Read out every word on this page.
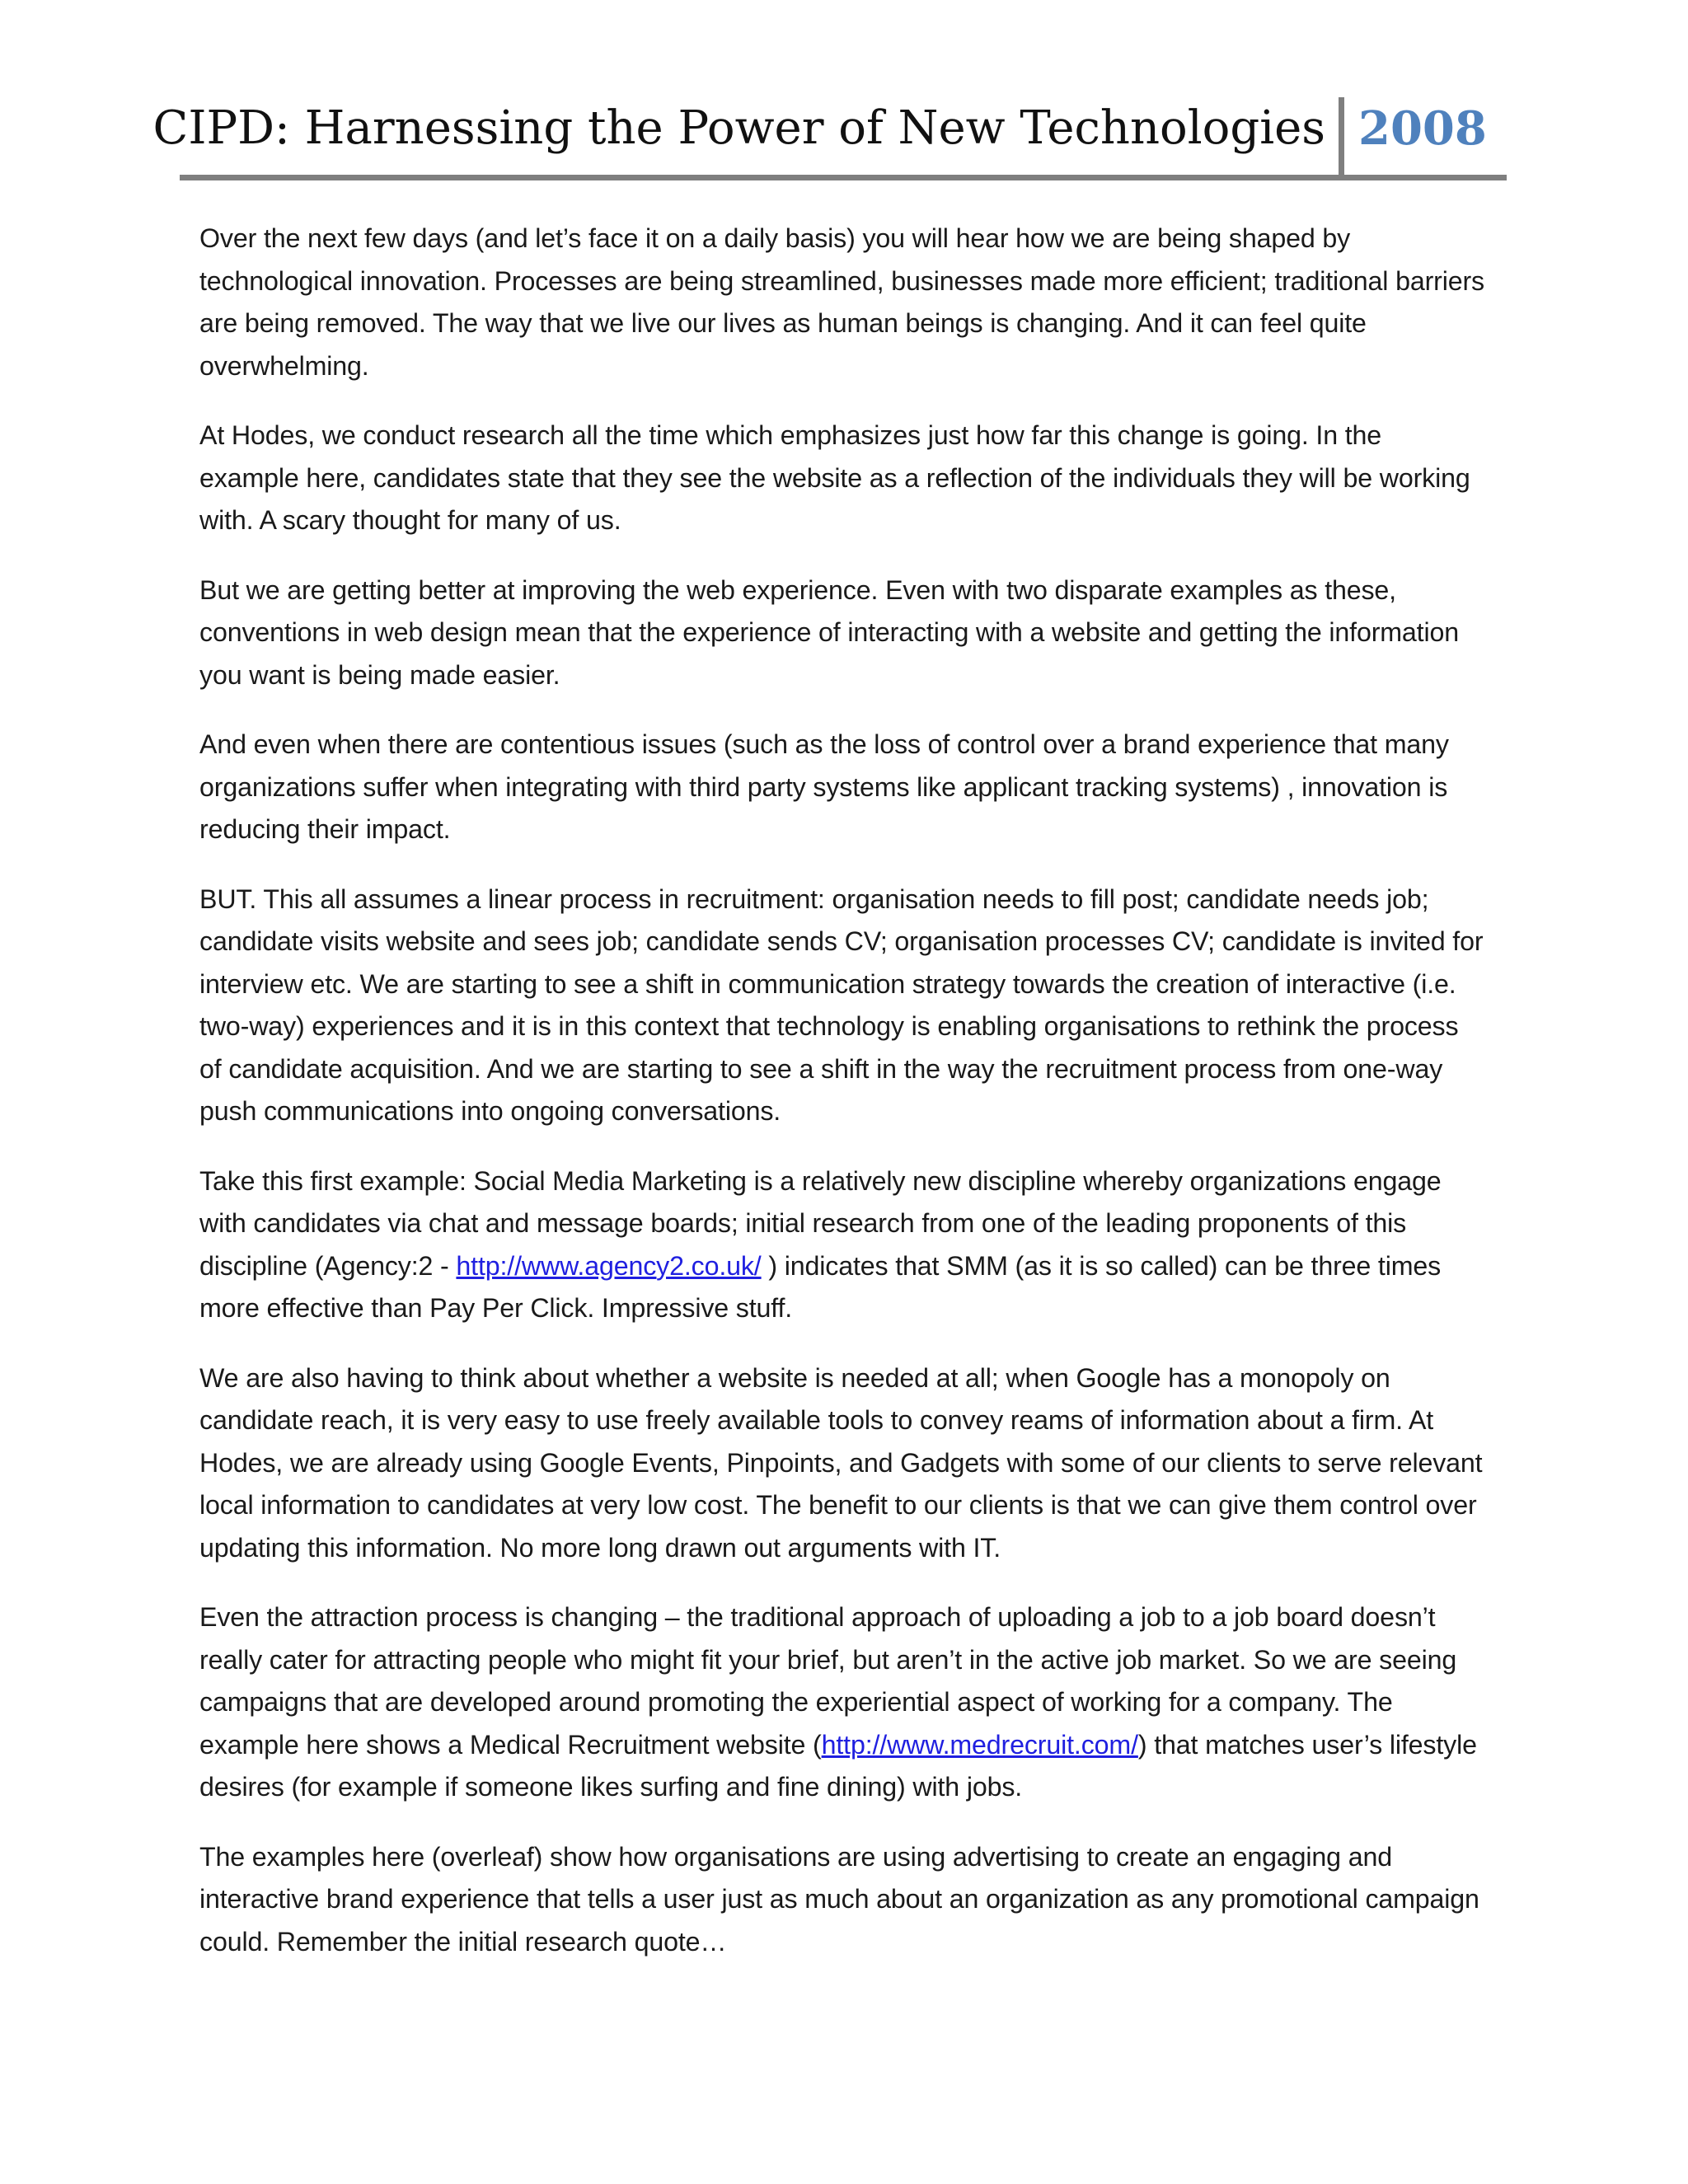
CIPD: Harnessing the Power of New Technologies 2008

Over the next few days (and let’s face it on a daily basis) you will hear how we are being shaped by technological innovation. Processes are being streamlined, businesses made more efficient; traditional barriers are being removed. The way that we live our lives as human beings is changing. And it can feel quite overwhelming.

At Hodes, we conduct research all the time which emphasizes just how far this change is going. In the example here, candidates state that they see the website as a reflection of the individuals they will be working with. A scary thought for many of us.

But we are getting better at improving the web experience. Even with two disparate examples as these, conventions in web design mean that the experience of interacting with a website and getting the information you want is being made easier.

And even when there are contentious issues (such as the loss of control over a brand experience that many organizations suffer when integrating with third party systems like applicant tracking systems) , innovation is reducing their impact.

BUT. This all assumes a linear process in recruitment: organisation needs to fill post; candidate needs job; candidate visits website and sees job; candidate sends CV; organisation processes CV; candidate is invited for interview etc. We are starting to see a shift in communication strategy towards the creation of interactive (i.e. two-way) experiences and it is in this context that technology is enabling organisations to rethink the process of candidate acquisition. And we are starting to see a shift in the way the recruitment process from one-way push communications into ongoing conversations.

Take this first example: Social Media Marketing is a relatively new discipline whereby organizations engage with candidates via chat and message boards; initial research from one of the leading proponents of this discipline (Agency:2 - http://www.agency2.co.uk/ ) indicates that SMM (as it is so called) can be three times more effective than Pay Per Click. Impressive stuff.

We are also having to think about whether a website is needed at all; when Google has a monopoly on candidate reach, it is very easy to use freely available tools to convey reams of information about a firm. At Hodes, we are already using Google Events, Pinpoints, and Gadgets with some of our clients to serve relevant local information to candidates at very low cost. The benefit to our clients is that we can give them control over updating this information. No more long drawn out arguments with IT.

Even the attraction process is changing – the traditional approach of uploading a job to a job board doesn’t really cater for attracting people who might fit your brief, but aren’t in the active job market. So we are seeing campaigns that are developed around promoting the experiential aspect of working for a company. The example here shows a Medical Recruitment website (http://www.medrecruit.com/) that matches user’s lifestyle desires (for example if someone likes surfing and fine dining) with jobs.

The examples here (overleaf) show how organisations are using advertising to create an engaging and interactive brand experience that tells a user just as much about an organization as any promotional campaign could. Remember the initial research quote…
